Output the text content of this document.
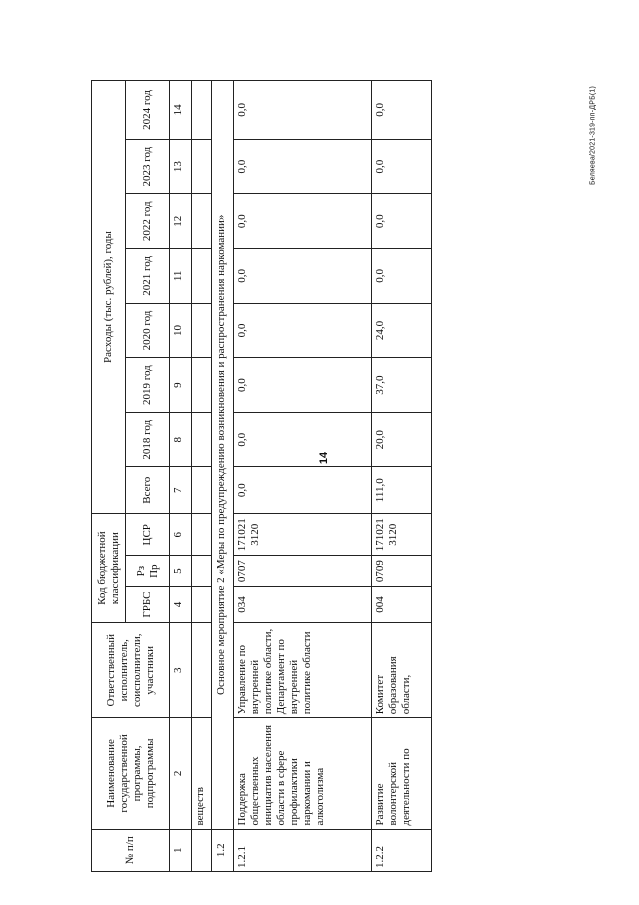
14
Беляева/2021-319-пп-ДРБ(1)
№ п/п	Наименование государственной программы, подпрограммы	Ответственный исполнитель, соисполнители, участники	Код бюджетной классификации			Расходы (тыс. рублей), годы							
			ГРБС	Рз Пр	ЦСР	Всего	2018 год	2019 год	2020 год	2021 год	2022 год	2023 год	2024 год
1	2	3	4	5	6	7	8	9	10	11	12	13	14
	веществ												
1.2	Основное мероприятие 2 «Меры по предупреждению возникновения и распространения наркомании»												
1.2.1	Поддержка общественных инициатив населения области в сфере профилактики наркомании и алкоголизма	Управление по внутренней политике области, Департамент по внутренней политике области	034	0707	171021 3120	0,0	0,0	0,0	0,0	0,0	0,0	0,0	0,0
1.2.2	Развитие волонтерской деятельности по	Комитет образования области,	004	0709	171021 3120	111,0	20,0	37,0	24,0	0,0	0,0	0,0	0,0
